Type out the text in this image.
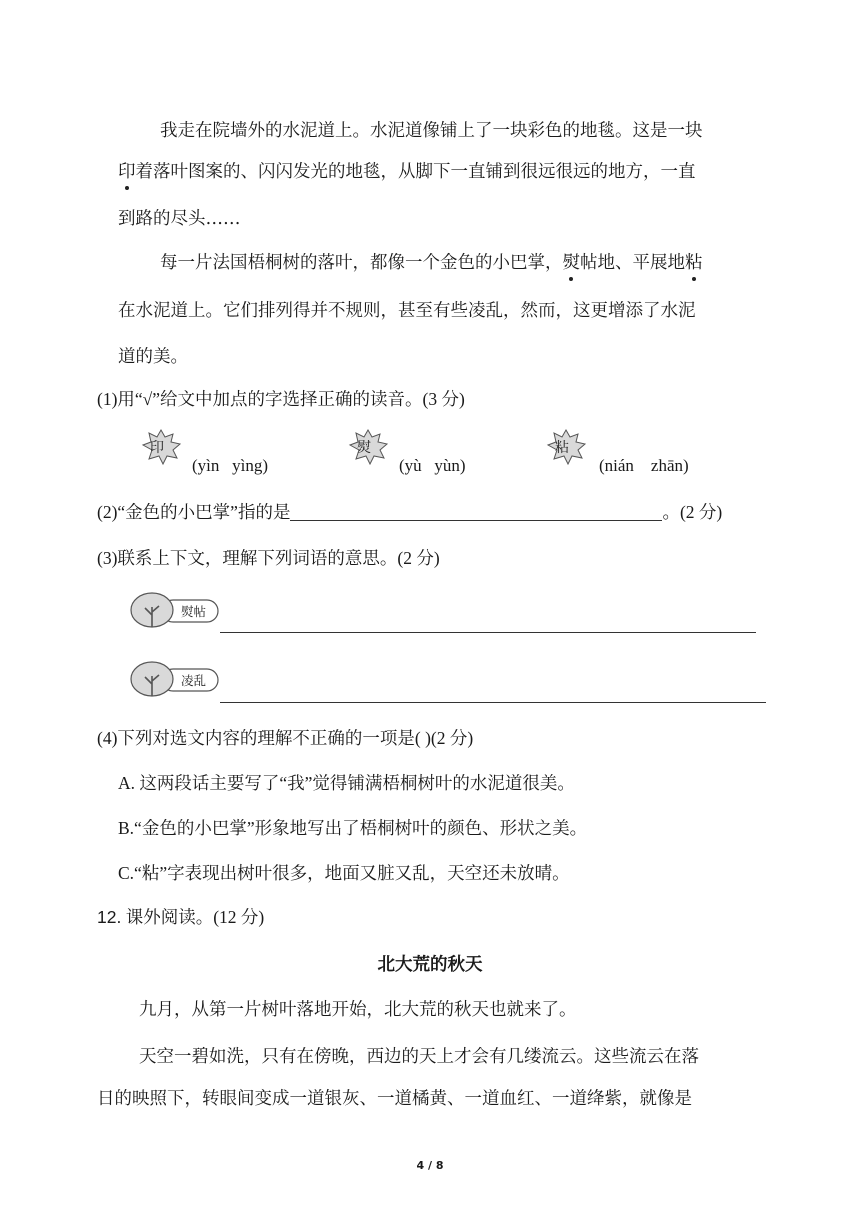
我走在院墙外的水泥道上。水泥道像铺上了一块彩色的地毯。这是一块
印着落叶图案的、闪闪发光的地毯，从脚下一直铺到很远很远的地方，一直
到路的尽头……
每一片法国梧桐树的落叶，都像一个金色的小巴掌，熨帖地、平展地粘
在水泥道上。它们排列得并不规则，甚至有些凌乱，然而，这更增添了水泥
道的美。
(1)用“√”给文中加点的字选择正确的读音。(3 分)
印
(yìn   yìng)
熨
(yù   yùn)
粘
(nián    zhān)
(2)“金色的小巴掌”指的是	。(2 分)
(3)联系上下文，理解下列词语的意思。(2 分)
熨帖
凌乱
(4)下列对选文内容的理解不正确的一项是( )(2 分)
A. 这两段话主要写了“我”觉得铺满梧桐树叶的水泥道很美。
B.“金色的小巴掌”形象地写出了梧桐树叶的颜色、形状之美。
C.“粘”字表现出树叶很多，地面又脏又乱，天空还未放晴。
12. 课外阅读。(12 分)
北大荒的秋天
九月，从第一片树叶落地开始，北大荒的秋天也就来了。
天空一碧如洗，只有在傍晚，西边的天上才会有几缕流云。这些流云在落
日的映照下，转眼间变成一道银灰、一道橘黄、一道血红、一道绛紫，就像是
4 / 8
